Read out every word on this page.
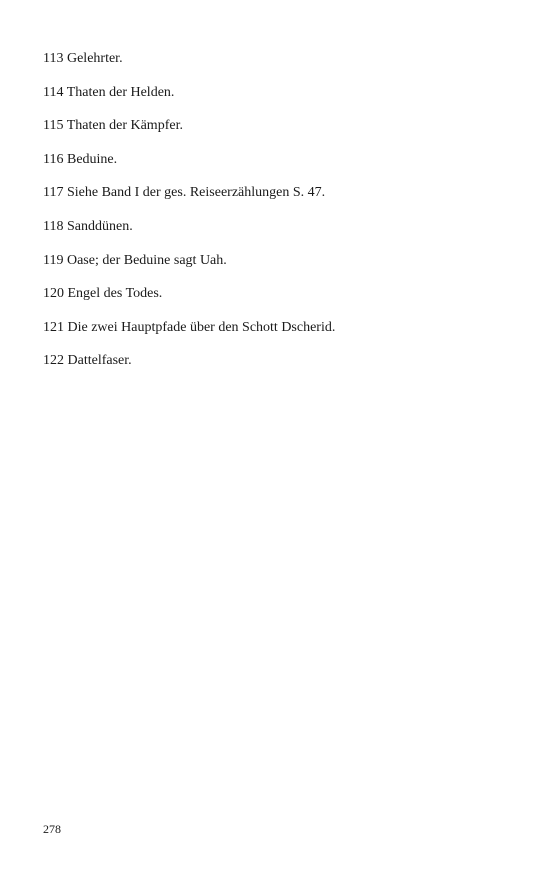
113 Gelehrter.
114 Thaten der Helden.
115 Thaten der Kämpfer.
116 Beduine.
117 Siehe Band I der ges. Reiseerzählungen S. 47.
118 Sanddünen.
119 Oase; der Beduine sagt Uah.
120 Engel des Todes.
121 Die zwei Hauptpfade über den Schott Dscherid.
122 Dattelfaser.
278
